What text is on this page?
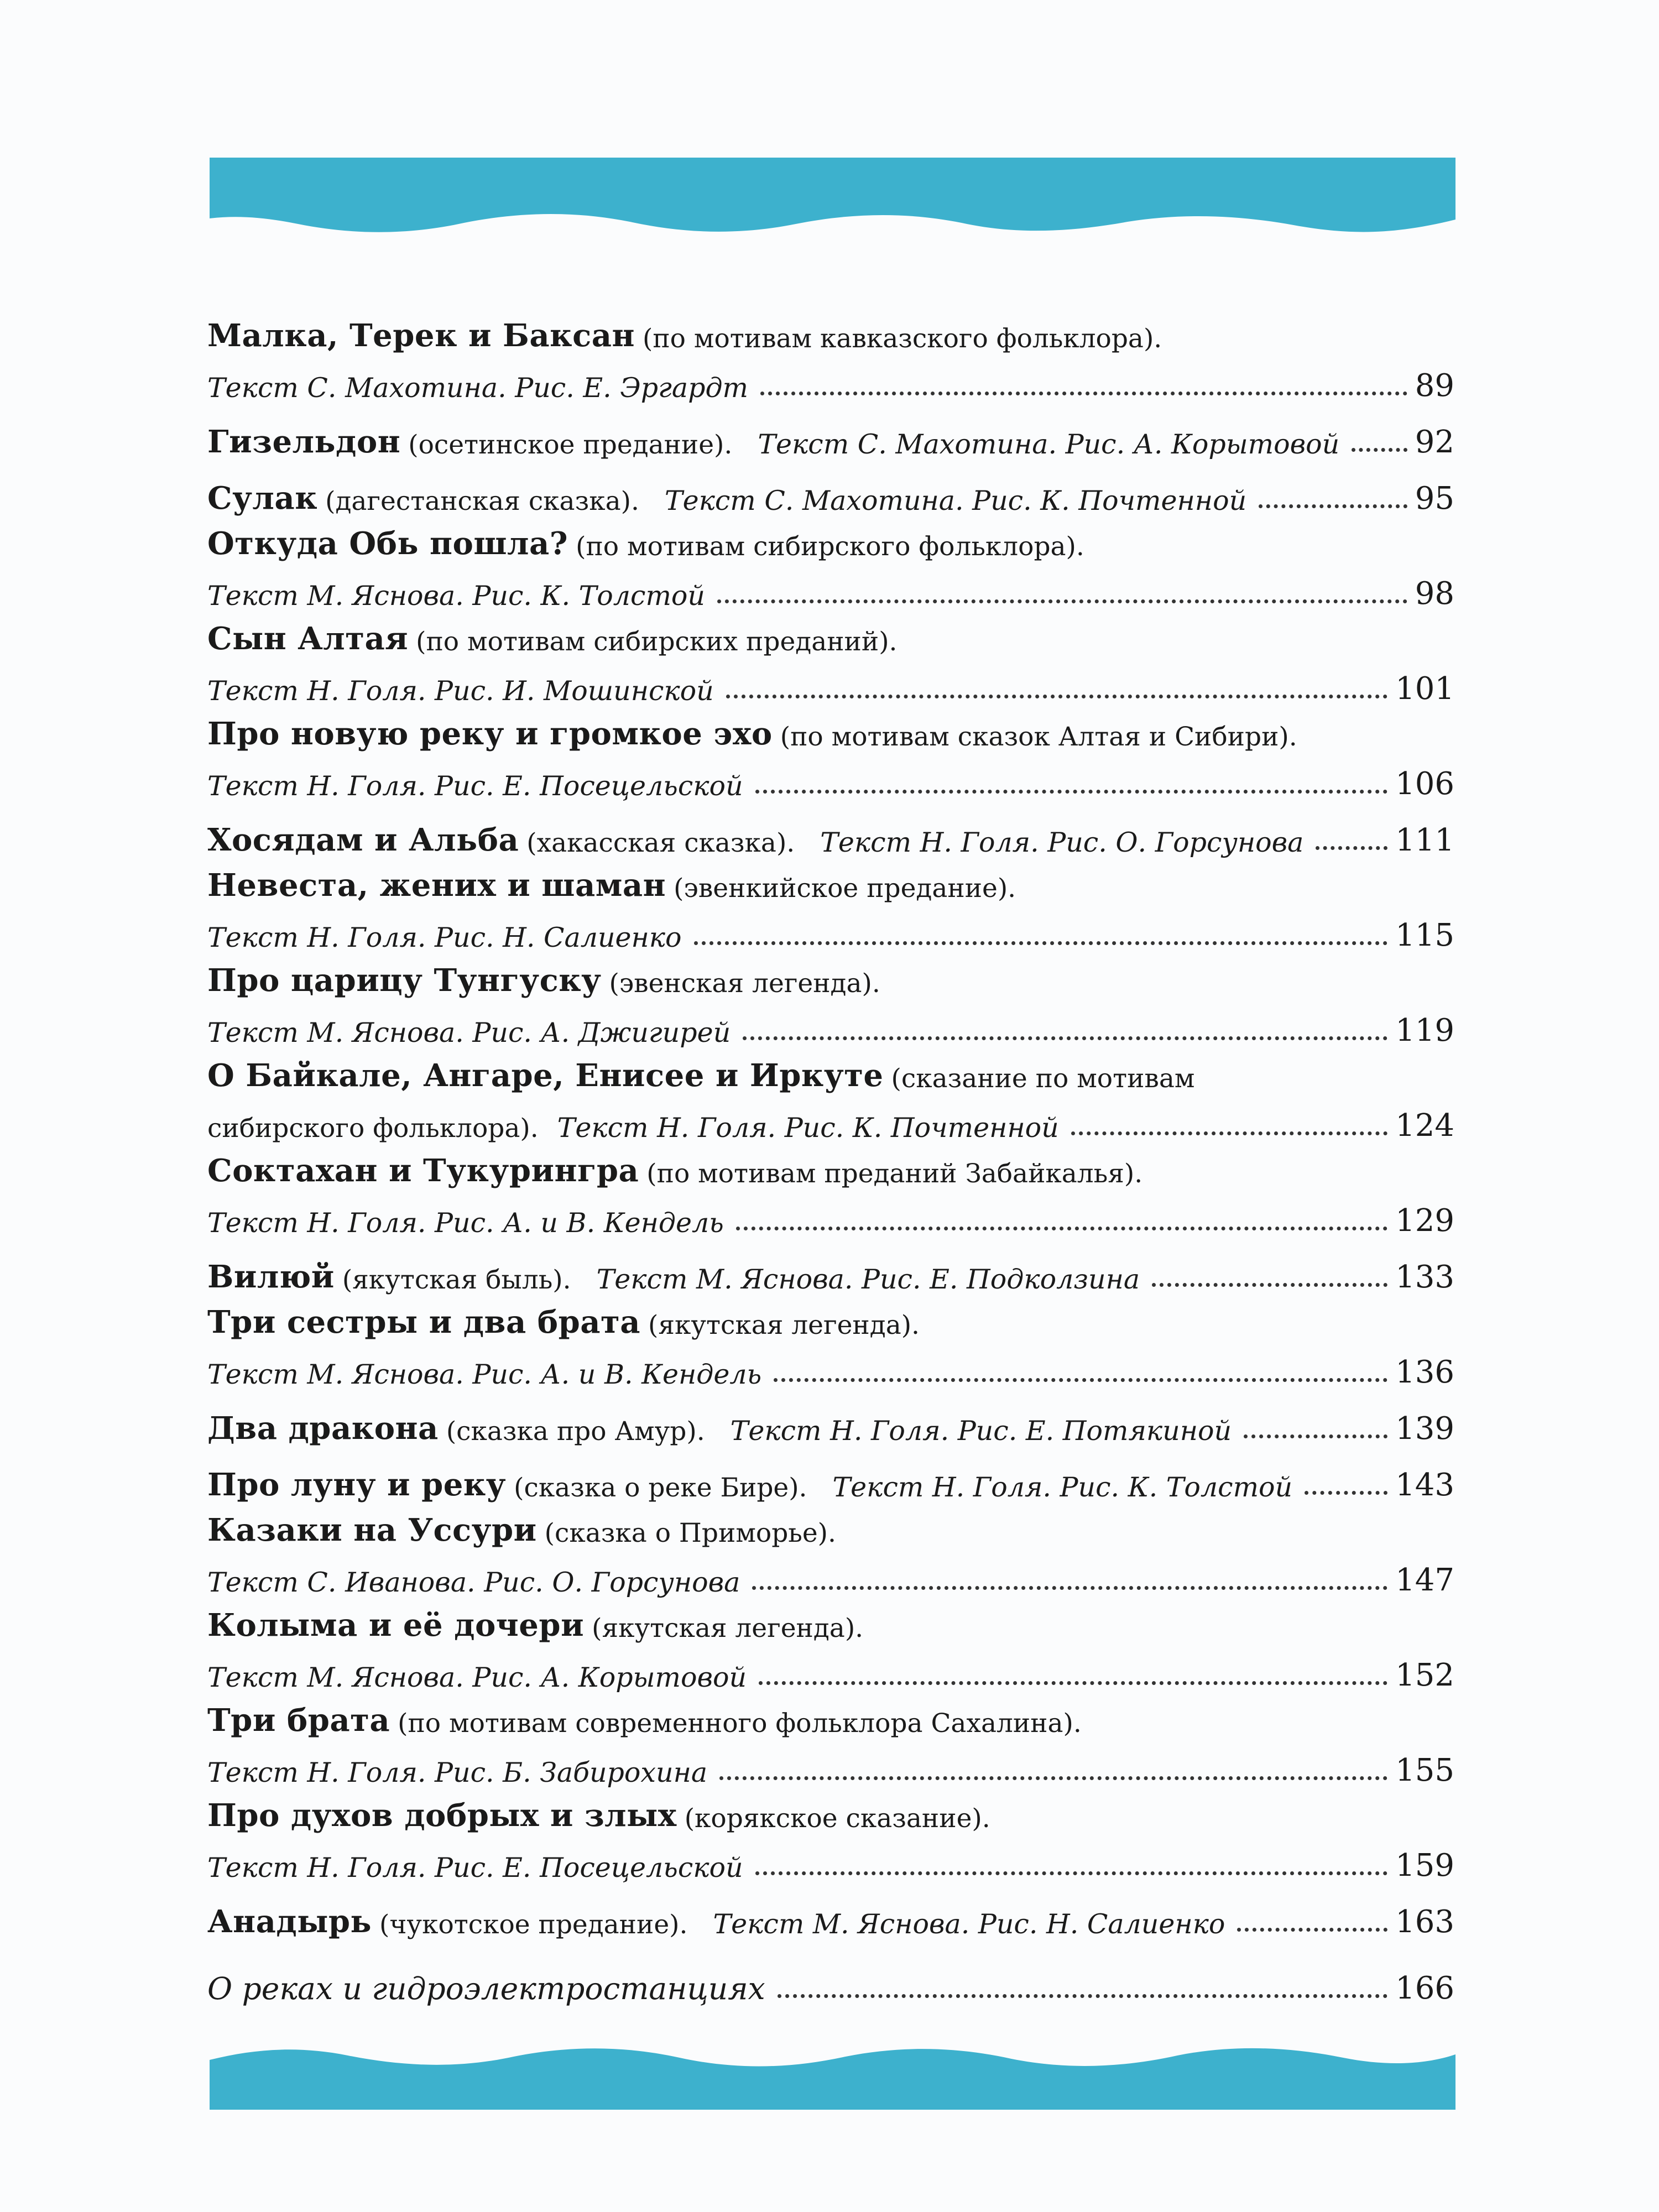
Малка, Терек и Баксан (по мотивам кавказского фольклора).
Текст С. Махотина. Рис. Е. Эргардт	89
Гизельдон (осетинское предание). Текст С. Махотина. Рис. А. Корытовой 92
Сулак (дагестанская сказка). Текст С. Махотина. Рис. К. Почтенной	95
Откуда Обь пошла? (по мотивам сибирского фольклора).
Текст М. Яснова. Рис. К. Толстой	98
Сын Алтая (по мотивам сибирских преданий).
Текст Н. Голя. Рис. И. Мошинской	101
Про новую реку и громкое эхо (по мотивам сказок Алтая и Сибири).
Текст Н. Голя. Рис. Е. Посецельской	106
Хосядам и Альба (хакасская сказка). Текст Н. Голя. Рис. О. Горсунова	111
Невеста, жених и шаман (эвенкийское предание).
Текст Н. Голя. Рис. Н. Салиенко	115
Про царицу Тунгуску (эвенская легенда).
Текст М. Яснова. Рис. А. Джигирей	119
О Байкале, Ангаре, Енисее и Иркуте (сказание по мотивам
сибирского фольклора). Текст Н. Голя. Рис. К. Почтенной	124
Соктахан и Тукурингра (по мотивам преданий Забайкалья).
Текст Н. Голя. Рис. А. и В. Кендель	129
Вилюй (якутская быль). Текст М. Яснова. Рис. Е. Подколзина	133
Три сестры и два брата (якутская легенда).
Текст М. Яснова. Рис. А. и В. Кендель	136
Два дракона (сказка про Амур). Текст Н. Голя. Рис. Е. Потякиной	139
Про луну и реку (сказка о реке Бире). Текст Н. Голя. Рис. К. Толстой	143
Казаки на Уссури (сказка о Приморье).
Текст С. Иванова. Рис. О. Горсунова	147
Колыма и её дочери (якутская легенда).
Текст М. Яснова. Рис. А. Корытовой	152
Три брата (по мотивам современного фольклора Сахалина).
Текст Н. Голя. Рис. Б. Забирохина	155
Про духов добрых и злых (корякское сказание).
Текст Н. Голя. Рис. Е. Посецельской	159
Анадырь (чукотское предание). Текст М. Яснова. Рис. Н. Салиенко	163
О реках и гидроэлектростанциях	166
